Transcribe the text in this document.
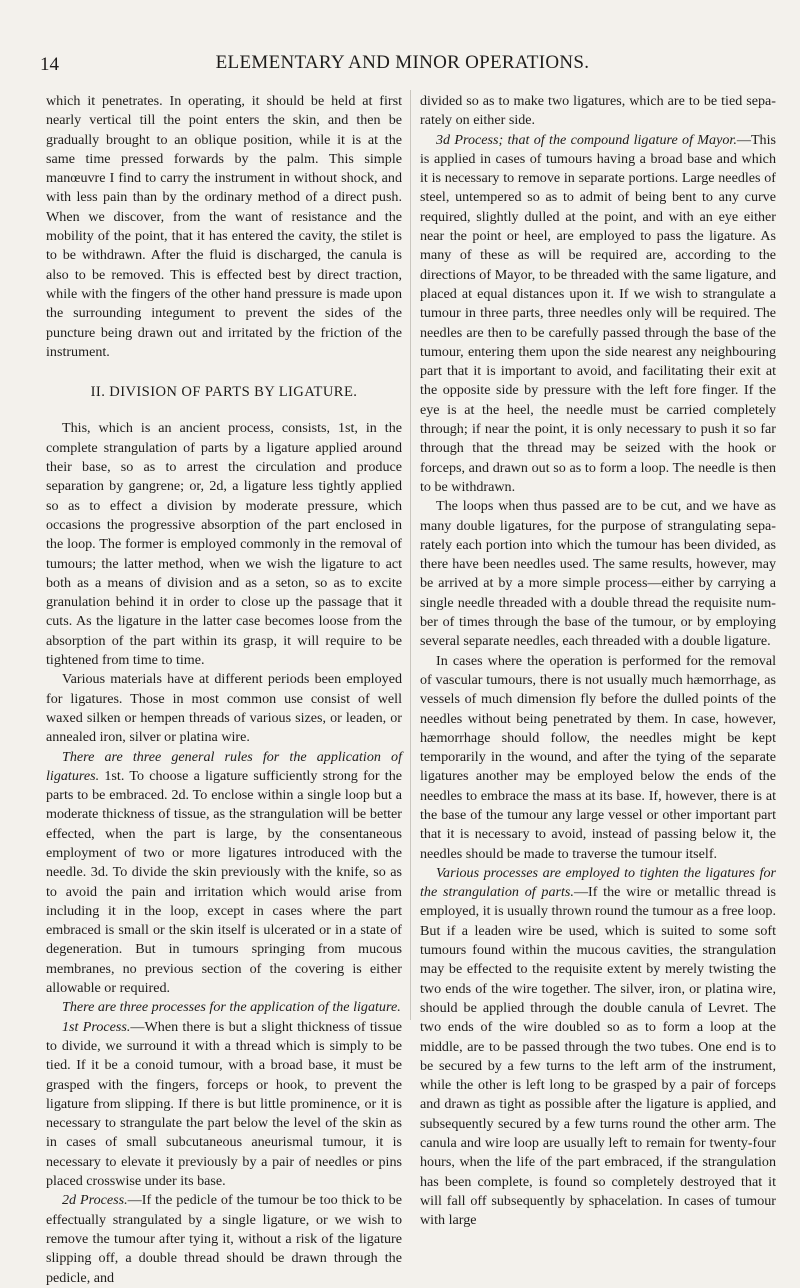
14	ELEMENTARY AND MINOR OPERATIONS.

which it penetrates. In operating, it should be held at first nearly vertical till the point enters the skin, and then be gradually brought to an oblique position, while it is at the same time pressed forwards by the palm. This simple manœuvre I find to carry the instrument in without shock, and with less pain than by the ordinary method of a direct push. When we discover, from the want of resistance and the mobility of the point, that it has entered the cavity, the stilet is to be withdrawn. After the fluid is discharged, the canula is also to be removed. This is effected best by direct traction, while with the fingers of the other hand pressure is made upon the surrounding integument to prevent the sides of the puncture being drawn out and irritated by the friction of the instrument.

II. DIVISION OF PARTS BY LIGATURE.

This, which is an ancient process, consists, 1st, in the complete strangulation of parts by a ligature applied around their base, so as to arrest the circulation and produce separation by gangrene; or, 2d, a ligature less tightly applied so as to effect a division by moderate pressure, which occasions the progressive absorption of the part enclosed in the loop. The former is employed commonly in the removal of tumours; the latter method, when we wish the ligature to act both as a means of division and as a seton, so as to excite granulation behind it in order to close up the passage that it cuts. As the ligature in the latter case becomes loose from the absorption of the part within its grasp, it will require to be tightened from time to time.

Various materials have at different periods been employed for ligatures. Those in most common use consist of well waxed silken or hempen threads of various sizes, or leaden, or annealed iron, silver or platina wire.

There are three general rules for the application of ligatures. 1st. To choose a ligature sufficiently strong for the parts to be embraced. 2d. To enclose within a single loop but a moderate thickness of tissue, as the strangulation will be better effected, when the part is large, by the consentaneous employment of two or more ligatures introduced with the needle. 3d. To divide the skin previously with the knife, so as to avoid the pain and irritation which would arise from including it in the loop, except in cases where the part embraced is small or the skin itself is ulcerated or in a state of degeneration. But in tumours springing from mucous membranes, no previous section of the covering is either allowable or required.

There are three processes for the application of the ligature.

1st Process.—When there is but a slight thickness of tissue to divide, we surround it with a thread which is simply to be tied. If it be a conoid tumour, with a broad base, it must be grasped with the fingers, forceps or hook, to prevent the ligature from slipping. If there is but little prominence, or it is necessary to strangulate the part below the level of the skin as in cases of small subcutaneous aneurismal tumour, it is necessary to elevate it previously by a pair of needles or pins placed crosswise under its base.

2d Process.—If the pedicle of the tumour be too thick to be effectually strangulated by a single ligature, or we wish to remove the tumour after tying it, without a risk of the ligature slipping off, a double thread should be drawn through the pedicle, and

divided so as to make two ligatures, which are to be tied separately on either side.

3d Process; that of the compound ligature of Mayor.—This is applied in cases of tumours having a broad base and which it is necessary to remove in separate portions. Large needles of steel, untempered so as to admit of being bent to any curve required, slightly dulled at the point, and with an eye either near the point or heel, are employed to pass the ligature. As many of these as will be required are, according to the directions of Mayor, to be threaded with the same ligature, and placed at equal distances upon it. If we wish to strangulate a tumour in three parts, three needles only will be required. The needles are then to be carefully passed through the base of the tumour, entering them upon the side nearest any neighbouring part that it is important to avoid, and facilitating their exit at the opposite side by pressure with the left fore finger. If the eye is at the heel, the needle must be carried completely through; if near the point, it is only necessary to push it so far through that the thread may be seized with the hook or forceps, and drawn out so as to form a loop. The needle is then to be withdrawn.

The loops when thus passed are to be cut, and we have as many double ligatures, for the purpose of strangulating separately each portion into which the tumour has been divided, as there have been needles used. The same results, however, may be arrived at by a more simple process—either by carrying a single needle threaded with a double thread the requisite number of times through the base of the tumour, or by employing several separate needles, each threaded with a double ligature.

In cases where the operation is performed for the removal of vascular tumours, there is not usually much hæmorrhage, as vessels of much dimension fly before the dulled points of the needles without being penetrated by them. In case, however, hæmorrhage should follow, the needles might be kept temporarily in the wound, and after the tying of the separate ligatures another may be employed below the ends of the needles to embrace the mass at its base. If, however, there is at the base of the tumour any large vessel or other important part that it is necessary to avoid, instead of passing below it, the needles should be made to traverse the tumour itself.

Various processes are employed to tighten the ligatures for the strangulation of parts.—If the wire or metallic thread is employed, it is usually thrown round the tumour as a free loop. But if a leaden wire be used, which is suited to some soft tumours found within the mucous cavities, the strangulation may be effected to the requisite extent by merely twisting the two ends of the wire together. The silver, iron, or platina wire, should be applied through the double canula of Levret. The two ends of the wire doubled so as to form a loop at the middle, are to be passed through the two tubes. One end is to be secured by a few turns to the left arm of the instrument, while the other is left long to be grasped by a pair of forceps and drawn as tight as possible after the ligature is applied, and subsequently secured by a few turns round the other arm. The canula and wire loop are usually left to remain for twenty-four hours, when the life of the part embraced, if the strangulation has been complete, is found so completely destroyed that it will fall off subsequently by sphacelation. In cases of tumour with large
